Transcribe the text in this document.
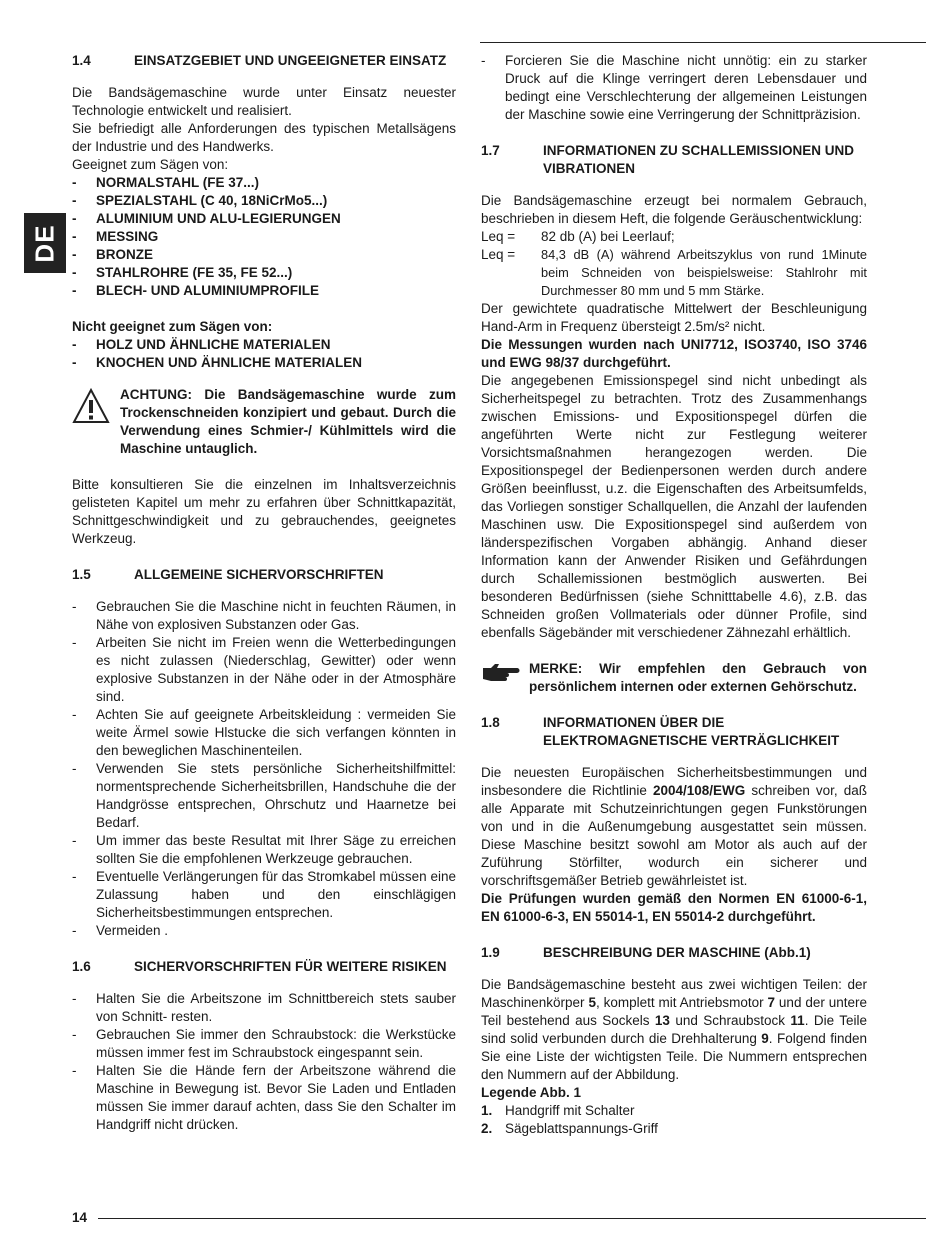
14
DE
1.4	EINSATZGEBIET UND UNGEEIGNETER EINSATZ

Die Bandsägemaschine wurde unter Einsatz neuester Technologie entwickelt und realisiert.

Sie befriedigt alle Anforderungen des typischen Metallsägens der Industrie und des Handwerks.

Geeignet zum Sägen von:

-	NORMALSTAHL (FE 37...)
-	SPEZIALSTAHL (C 40, 18NiCrMo5...)
-	ALUMINIUM UND ALU-LEGIERUNGEN
-	MESSING
-	BRONZE
-	STAHLROHRE (FE 35, FE 52...)
-	BLECH- UND ALUMINIUMPROFILE

Nicht geeignet zum Sägen von:

-	HOLZ UND ÄHNLICHE MATERIALEN
-	KNOCHEN UND ÄHNLICHE MATERIALEN
ACHTUNG: Die Bandsägemaschine wurde zum Trockenschneiden konzipiert und gebaut. Durch die Verwendung eines Schmier-/ Kühlmittels wird die Maschine untauglich.

Bitte konsultieren Sie die einzelnen im Inhaltsverzeichnis gelisteten Kapitel um mehr zu erfahren über Schnittkapazität, Schnittgeschwindigkeit und zu gebrauchendes, geeignetes Werkzeug.

1.5	ALLGEMEINE SICHERVORSCHRIFTEN
-	Gebrauchen Sie die Maschine nicht in feuchten Räumen, in Nähe von explosiven Substanzen oder Gas.
-	Arbeiten Sie nicht im Freien wenn die Wetterbedingungen es nicht zulassen (Niederschlag, Gewitter) oder wenn explosive Substanzen in der Nähe oder in der Atmosphäre sind.
-	Achten Sie auf geeignete Arbeitskleidung : vermeiden Sie weite Ärmel sowie Hlstucke die sich verfangen könnten in den beweglichen Maschinenteilen.
-	Verwenden Sie stets persönliche Sicherheitshilfmittel: normentsprechende Sicherheitsbrillen, Handschuhe die der Handgrösse entsprechen, Ohrschutz und Haarnetze bei Bedarf.
-	Um immer das beste Resultat mit Ihrer Säge zu erreichen sollten Sie die empfohlenen Werkzeuge gebrauchen.
-	Eventuelle Verlängerungen für das Stromkabel müssen eine Zulassung haben und den einschlägigen Sicherheitsbestimmungen entsprechen.
-	Vermeiden .
1.6	SICHERVORSCHRIFTEN FÜR WEITERE RISIKEN
-	Halten Sie die Arbeitszone im Schnittbereich stets sauber von Schnitt- resten.
-	Gebrauchen Sie immer den Schraubstock: die Werkstücke müssen immer fest im Schraubstock eingespannt sein.
-	Halten Sie die Hände fern der Arbeitszone während die Maschine in Bewegung ist. Bevor Sie Laden und Entladen müssen Sie immer darauf achten, dass Sie den Schalter im Handgriff nicht drücken.
-	Forcieren Sie die Maschine nicht unnötig: ein zu starker Druck auf die Klinge verringert deren Lebensdauer und bedingt eine Verschlechterung der allgemeinen Leistungen der Maschine sowie eine Verringerung der Schnittpräzision.
1.7	INFORMATIONEN ZU SCHALLEMISSIONEN UND VIBRATIONEN

Die Bandsägemaschine erzeugt bei normalem Gebrauch, beschrieben in diesem Heft, die folgende Geräuschentwicklung:

Leq =	82 db (A) bei Leerlauf;
Leq =	84,3 dB (A) während Arbeitszyklus von rund 1Minute beim Schneiden von beispielsweise: Stahlrohr mit Durchmesser 80 mm und 5 mm Stärke.

Der gewichtete quadratische Mittelwert der Beschleunigung Hand-Arm in Frequenz übersteigt 2.5m/s² nicht.

Die Messungen wurden nach UNI7712, ISO3740, ISO 3746 und EWG 98/37 durchgeführt.

Die angegebenen Emissionspegel sind nicht unbedingt als Sicherheitspegel zu betrachten. Trotz des Zusammenhangs zwischen Emissions- und Expositionspegel dürfen die angeführten Werte nicht zur Festlegung weiterer Vorsichtsmaßnahmen herangezogen werden. Die Expositionspegel der Bedienpersonen werden durch andere Größen beeinflusst, u.z. die Eigenschaften des Arbeitsumfelds, das Vorliegen sonstiger Schallquellen, die Anzahl der laufenden Maschinen usw. Die Expositionspegel sind außerdem von länderspezifischen Vorgaben abhängig. Anhand dieser Information kann der Anwender Risiken und Gefährdungen durch Schallemissionen bestmöglich auswerten. Bei besonderen Bedürfnissen (siehe Schnitttabelle 4.6), z.B. das Schneiden großen Vollmaterials oder dünner Profile, sind ebenfalls Sägebänder mit verschiedener Zähnezahl erhältlich.

MERKE: Wir empfehlen den Gebrauch von persönlichem internen oder externen Gehörschutz.
1.8	INFORMATIONEN ÜBER DIE ELEKTROMAGNETISCHE VERTRÄGLICHKEIT

Die neuesten Europäischen Sicherheitsbestimmungen und insbesondere die Richtlinie 2004/108/EWG schreiben vor, daß alle Apparate mit Schutzeinrichtungen gegen Funkstörungen von und in die Außenumgebung ausgestattet sein müssen. Diese Maschine besitzt sowohl am Motor als auch auf der Zuführung Störfilter, wodurch ein sicherer und vorschriftsgemäßer Betrieb gewährleistet ist.

Die Prüfungen wurden gemäß den Normen EN 61000-6-1, EN 61000-6-3, EN 55014-1, EN 55014-2 durchgeführt.

1.9	BESCHREIBUNG DER MASCHINE (Abb.1)

Die Bandsägemaschine besteht aus zwei wichtigen Teilen: der Maschinenkörper 5, komplett mit Antriebsmotor 7 und der untere Teil bestehend aus Sockels 13 und Schraubstock 11. Die Teile sind solid verbunden durch die Drehhalterung 9. Folgend finden Sie eine Liste der wichtigsten Teile. Die Nummern entsprechen den Nummern auf der Abbildung.

Legende Abb. 1

1. Handgriff mit Schalter
2. Sägeblattspannungs-Griff
